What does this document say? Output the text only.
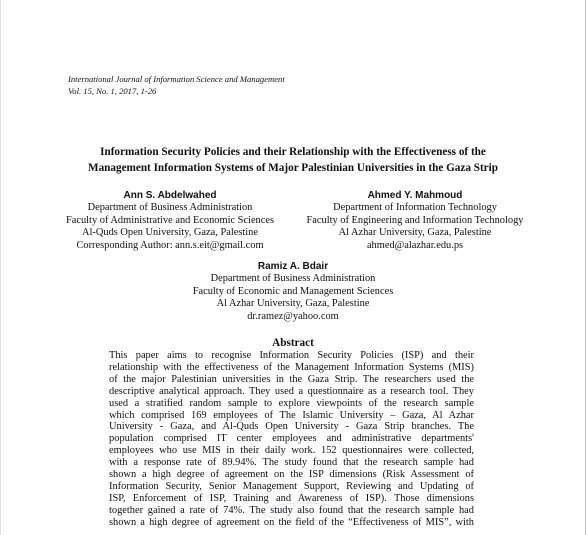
International Journal of Information Science and Management
Vol. 15, No. 1, 2017, 1-26
Information Security Policies and their Relationship with the Effectiveness of the
Management Information Systems of Major Palestinian Universities in the Gaza Strip
Ann S. Abdelwahed
Department of Business Administration
Faculty of Administrative and Economic Sciences
Al-Quds Open University, Gaza, Palestine
Corresponding Author: ann.s.eit@gmail.com
Ahmed Y. Mahmoud
Department of Information Technology
Faculty of Engineering and Information Technology
Al Azhar University, Gaza, Palestine
ahmed@alazhar.edu.ps
Ramiz A. Bdair
Department of Business Administration
Faculty of Economic and Management Sciences
Al Azhar University, Gaza, Palestine
dr.ramez@yahoo.com
Abstract
This paper aims to recognise Information Security Policies (ISP) and their
relationship with the effectiveness of the Management Information Systems (MIS)
of the major Palestinian universities in the Gaza Strip. The researchers used the
descriptive analytical approach. They used a questionnaire as a research tool. They
used a stratified random sample to explore viewpoints of the research sample
which comprised 169 employees of The Islamic University – Gaza, Al Azhar
University - Gaza, and Al-Quds Open University - Gaza Strip branches. The
population comprised IT center employees and administrative departments'
employees who use MIS in their daily work. 152 questionnaires were collected,
with a response rate of 89.94%. The study found that the research sample had
shown a high degree of agreement on the ISP dimensions (Risk Assessment of
Information Security, Senior Management Support, Reviewing and Updating of
ISP, Enforcement of ISP, Training and Awareness of ISP). Those dimensions
together gained a rate of 74%. The study also found that the research sample had
shown a high degree of agreement on the field of the “Effectiveness of MIS”, with
